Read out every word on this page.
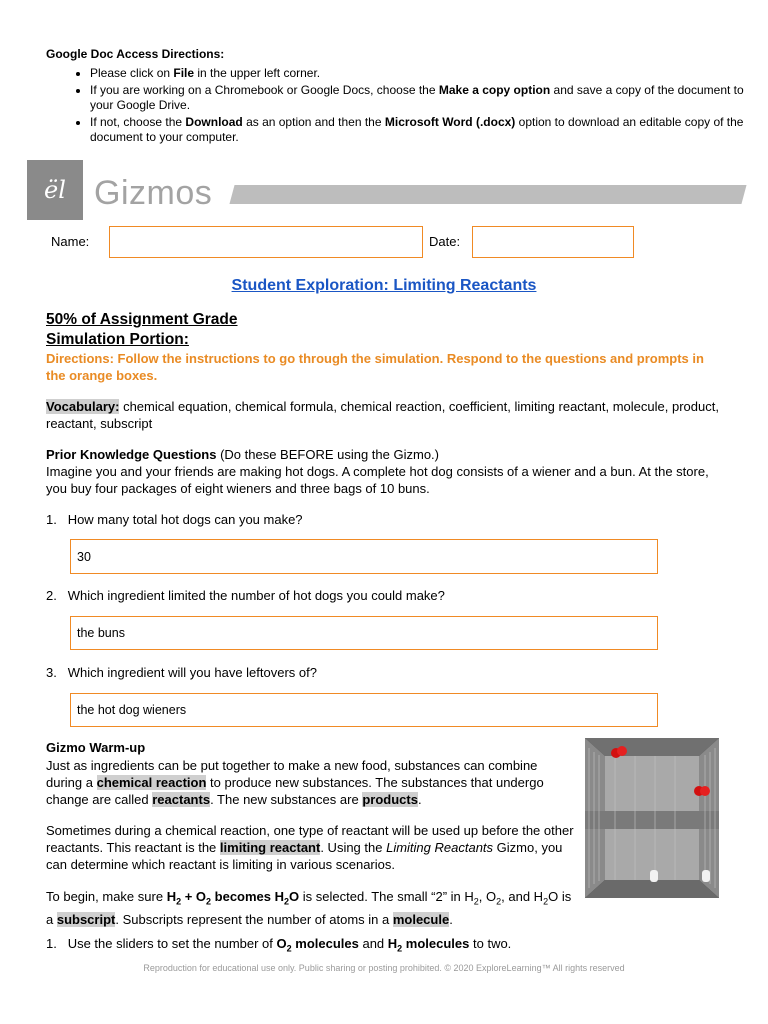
Google Doc Access Directions:
• Please click on File in the upper left corner.
• If you are working on a Chromebook or Google Docs, choose the Make a copy option and save a copy of the document to your Google Drive.
• If not, choose the Download as an option and then the Microsoft Word (.docx) option to download an editable copy of the document to your computer.
ël Gizmos
Name:	Date:
Student Exploration: Limiting Reactants
50% of Assignment Grade
Simulation Portion:
Directions: Follow the instructions to go through the simulation. Respond to the questions and prompts in the orange boxes.
Vocabulary: chemical equation, chemical formula, chemical reaction, coefficient, limiting reactant, molecule, product, reactant, subscript
Prior Knowledge Questions (Do these BEFORE using the Gizmo.)
Imagine you and your friends are making hot dogs. A complete hot dog consists of a wiener and a bun. At the store, you buy four packages of eight wieners and three bags of 10 buns.
1. How many total hot dogs can you make?
30
2. Which ingredient limited the number of hot dogs you could make?
the buns
3. Which ingredient will you have leftovers of?
the hot dog wieners
Gizmo Warm-up
Just as ingredients can be put together to make a new food, substances can combine during a chemical reaction to produce new substances. The substances that undergo change are called reactants. The new substances are products.
Sometimes during a chemical reaction, one type of reactant will be used up before the other reactants. This reactant is the limiting reactant. Using the Limiting Reactants Gizmo, you can determine which reactant is limiting in various scenarios.
To begin, make sure $H_2 + O_2$ becomes $H_2O$ is selected. The small “2” in $H_2$, $O_2$, and $H_2O$ is a subscript. Subscripts represent the number of atoms in a molecule.
1. Use the sliders to set the number of $O_2$ molecules and $H_2$ molecules to two.
Reproduction for educational use only. Public sharing or posting prohibited. © 2020 ExploreLearning™ All rights reserved
